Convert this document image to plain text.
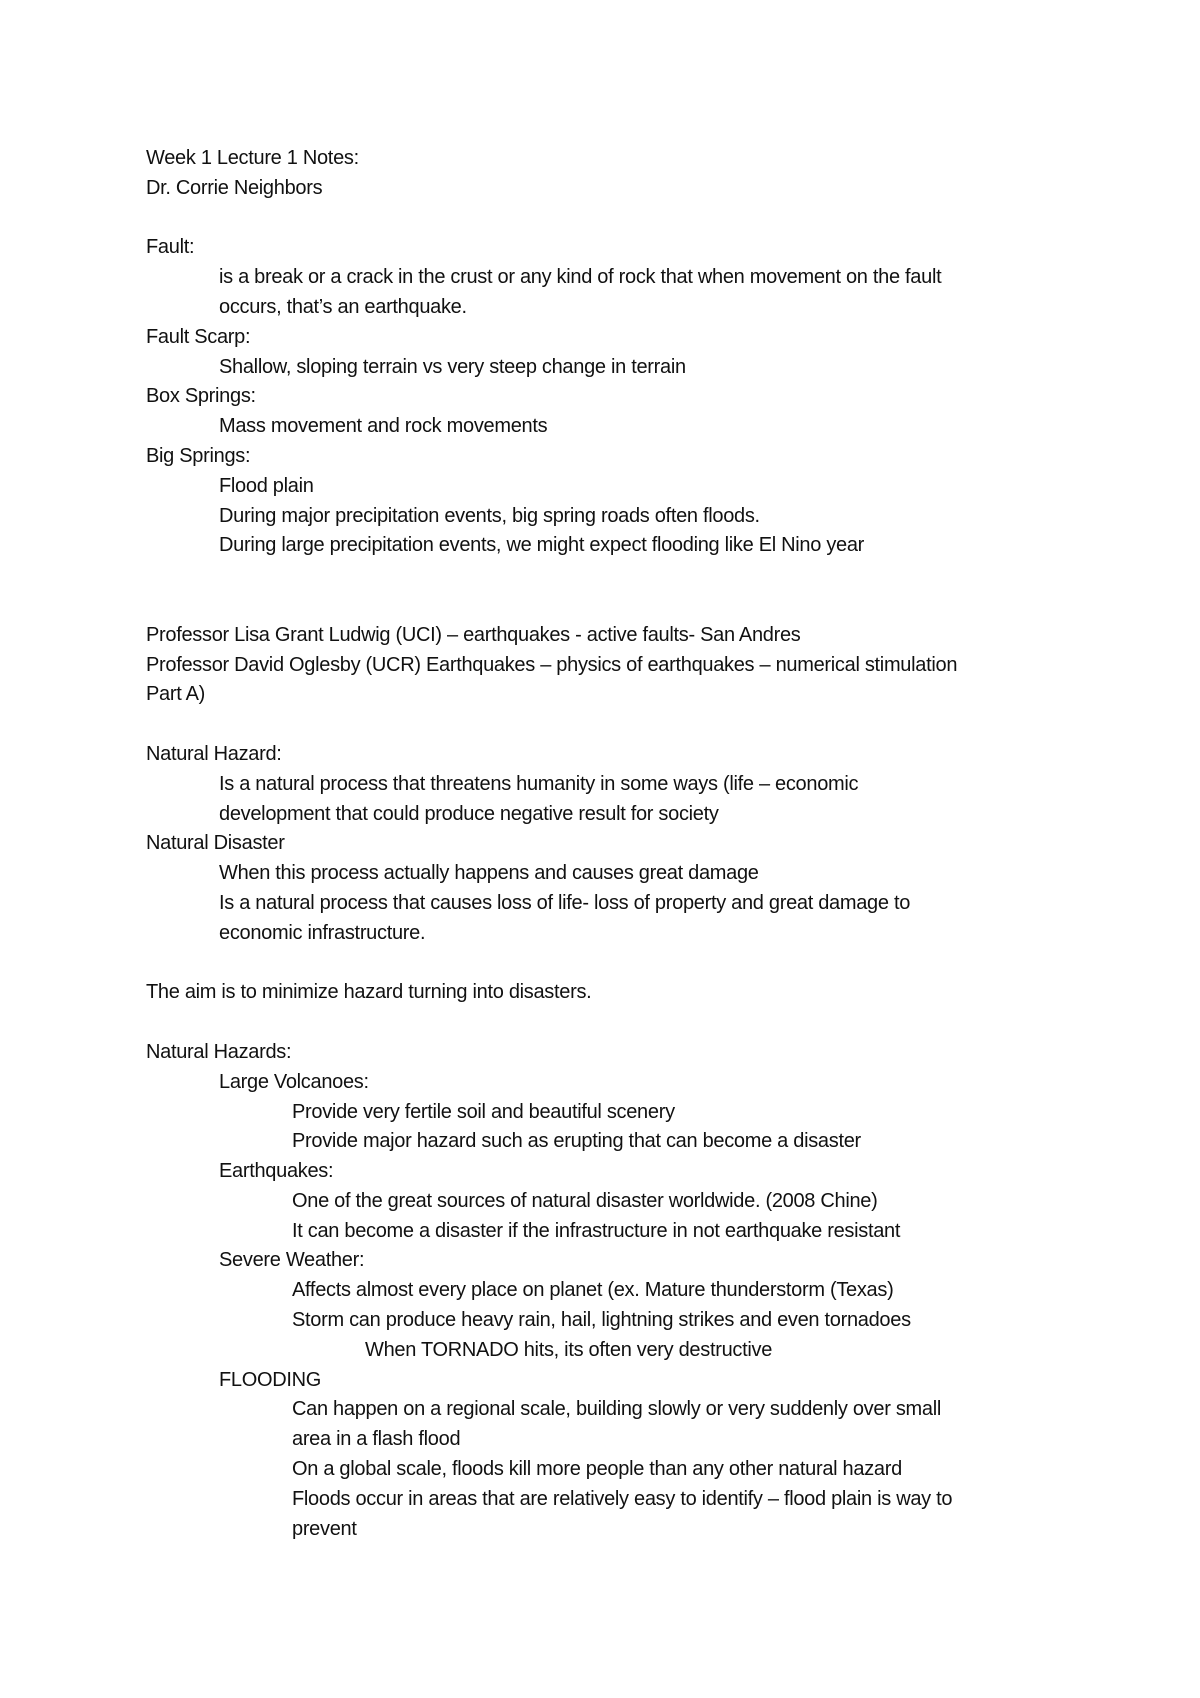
Week 1 Lecture 1 Notes:
Dr. Corrie Neighbors
Fault:
is a break or a crack in the crust or any kind of rock that when movement on the fault
occurs, that’s an earthquake.
Fault Scarp:
Shallow, sloping terrain vs very steep change in terrain
Box Springs:
Mass movement and rock movements
Big Springs:
Flood plain
During major precipitation events, big spring roads often floods.
During large precipitation events, we might expect flooding like El Nino year
Professor Lisa Grant Ludwig (UCI) – earthquakes - active faults- San Andres
Professor David Oglesby (UCR) Earthquakes – physics of earthquakes – numerical stimulation
Part A)
Natural Hazard:
Is a natural process that threatens humanity in some ways (life – economic
development that could produce negative result for society
Natural Disaster
When this process actually happens and causes great damage
Is a natural process that causes loss of life- loss of property and great damage to
economic infrastructure.
The aim is to minimize hazard turning into disasters.
Natural Hazards:
Large Volcanoes:
Provide very fertile soil and beautiful scenery
Provide major hazard such as erupting that can become a disaster
Earthquakes:
One of the great sources of natural disaster worldwide. (2008 Chine)
It can become a disaster if the infrastructure in not earthquake resistant
Severe Weather:
Affects almost every place on planet (ex. Mature thunderstorm (Texas)
Storm can produce heavy rain, hail, lightning strikes and even tornadoes
When TORNADO hits, its often very destructive
FLOODING
Can happen on a regional scale, building slowly or very suddenly over small
area in a flash flood
On a global scale, floods kill more people than any other natural hazard
Floods occur in areas that are relatively easy to identify – flood plain is way to
prevent
